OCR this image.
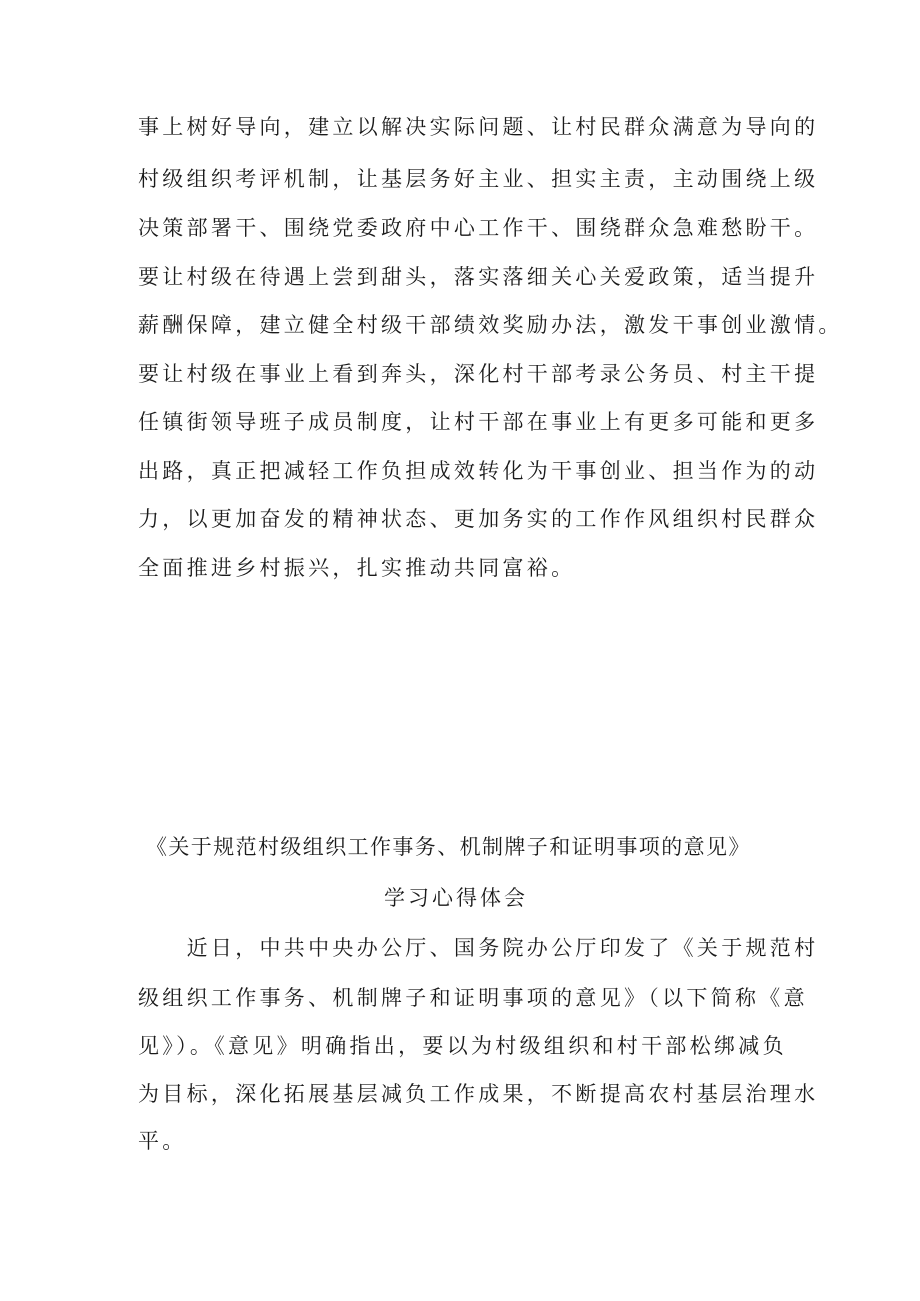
事上树好导向，建立以解决实际问题、让村民群众满意为导向的
村级组织考评机制，让基层务好主业、担实主责，主动围绕上级
决策部署干、围绕党委政府中心工作干、围绕群众急难愁盼干。
要让村级在待遇上尝到甜头，落实落细关心关爱政策，适当提升
薪酬保障，建立健全村级干部绩效奖励办法，激发干事创业激情。
要让村级在事业上看到奔头，深化村干部考录公务员、村主干提
任镇街领导班子成员制度，让村干部在事业上有更多可能和更多
出路，真正把减轻工作负担成效转化为干事创业、担当作为的动
力，以更加奋发的精神状态、更加务实的工作作风组织村民群众
全面推进乡村振兴，扎实推动共同富裕。
《关于规范村级组织工作事务、机制牌子和证明事项的意见》
学习心得体会
　　近日，中共中央办公厅、国务院办公厅印发了《关于规范村
级组织工作事务、机制牌子和证明事项的意见》（以下简称《意
见》）。《意见》明确指出，要以为村级组织和村干部松绑减负
为目标，深化拓展基层减负工作成果，不断提高农村基层治理水
平。
